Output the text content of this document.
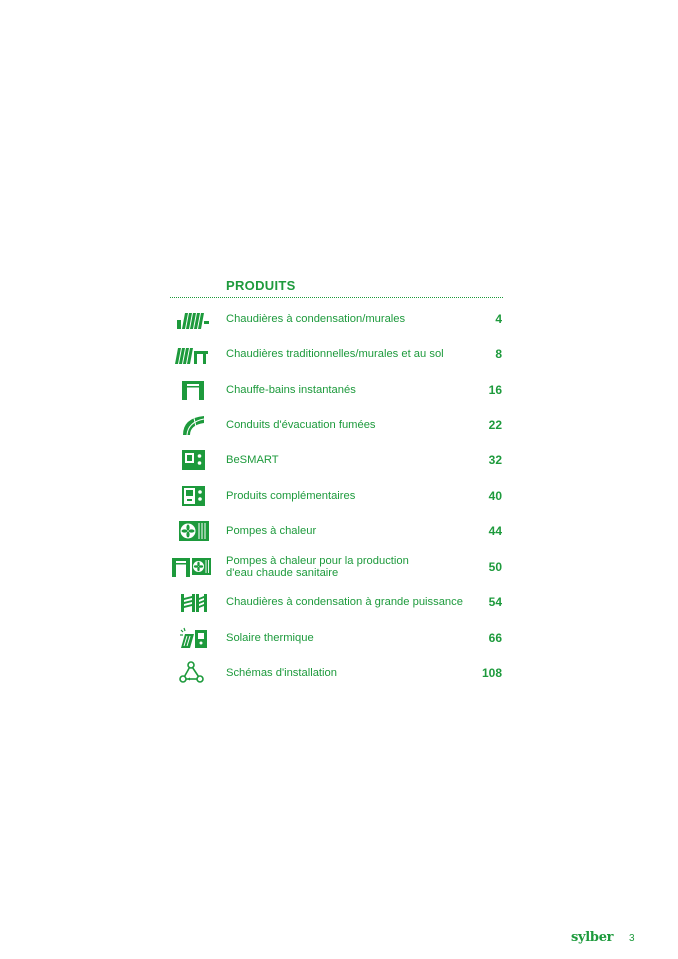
PRODUITS
Chaudières à condensation/murales	4
Chaudières traditionnelles/murales et au sol	8
Chauffe-bains instantanés	16
Conduits d'évacuation fumées	22
BeSMART	32
Produits complémentaires	40
Pompes à chaleur	44
Pompes à chaleur pour la production
d'eau chaude sanitaire	50
Chaudières à condensation à grande puissance	54
Solaire thermique	66
Schémas d'installation	108
sylber 3
